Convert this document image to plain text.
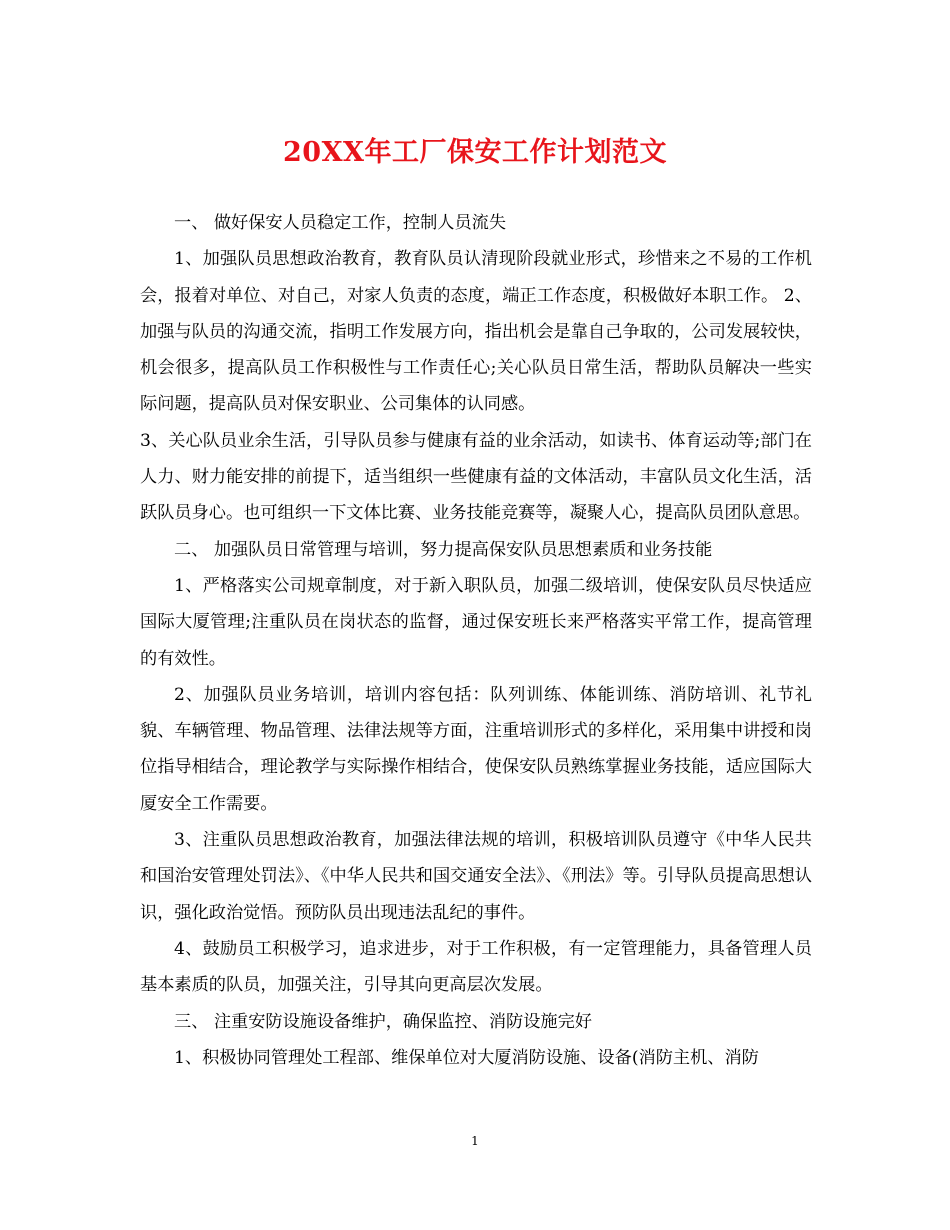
20XX年工厂保安工作计划范文

一、 做好保安人员稳定工作，控制人员流失

1、加强队员思想政治教育，教育队员认清现阶段就业形式，珍惜来之不易的工作机会，报着对单位、对自己，对家人负责的态度，端正工作态度，积极做好本职工作。 2、加强与队员的沟通交流，指明工作发展方向，指出机会是靠自己争取的，公司发展较快，机会很多，提高队员工作积极性与工作责任心;关心队员日常生活，帮助队员解决一些实际问题，提高队员对保安职业、公司集体的认同感。

3、关心队员业余生活，引导队员参与健康有益的业余活动，如读书、体育运动等;部门在人力、财力能安排的前提下，适当组织一些健康有益的文体活动，丰富队员文化生活，活跃队员身心。也可组织一下文体比赛、业务技能竞赛等，凝聚人心，提高队员团队意思。

二、 加强队员日常管理与培训，努力提高保安队员思想素质和业务技能

1、严格落实公司规章制度，对于新入职队员，加强二级培训，使保安队员尽快适应国际大厦管理;注重队员在岗状态的监督，通过保安班长来严格落实平常工作，提高管理的有效性。

2、加强队员业务培训，培训内容包括：队列训练、体能训练、消防培训、礼节礼貌、车辆管理、物品管理、法律法规等方面，注重培训形式的多样化，采用集中讲授和岗位指导相结合，理论教学与实际操作相结合，使保安队员熟练掌握业务技能，适应国际大厦安全工作需要。

3、注重队员思想政治教育，加强法律法规的培训，积极培训队员遵守《中华人民共和国治安管理处罚法》、《中华人民共和国交通安全法》、《刑法》等。引导队员提高思想认识，强化政治觉悟。预防队员出现违法乱纪的事件。

4、鼓励员工积极学习，追求进步，对于工作积极，有一定管理能力，具备管理人员基本素质的队员，加强关注，引导其向更高层次发展。

三、 注重安防设施设备维护，确保监控、消防设施完好

1、积极协同管理处工程部、维保单位对大厦消防设施、设备(消防主机、消防

1
